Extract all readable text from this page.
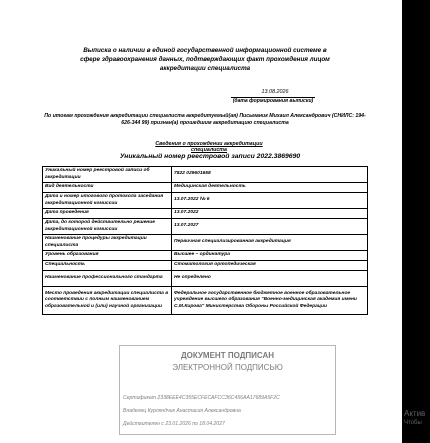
Выписка о наличии в единой государственной информационной системе в сфере здравоохранения данных, подтверждающих факт прохождения лицом аккредитации специалиста
13.08.2026
(дата формирования выписки)
По итогам прохождения аккредитации специалиста аккредитуемый(ая) Письманик Михаил Александрович (СНИЛС: 194-626-344 99) признан(а) прошедшим аккредитацию специалиста
Сведения о прохождении аккредитации специалиста
Уникальный номер реестровой записи 2022.3869690
Уникальный номер реестровой записи об аккредитации	7822 029601658
Вид деятельности	Медицинская деятельность
Дата и номер итогового протокола заседания аккредитационной комиссии	13.07.2022 № 6
Дата проведения	13.07.2022
Дата, до которой действительно решение аккредитационной комиссии	13.07.2027
Наименование процедуры аккредитации специалиста	Первичная специализированная аккредитация
Уровень образования	Высшее – ординатура
Специальность	Стоматология ортопедическая
Наименование профессионального стандарта	Не определено
Место проведения аккредитации специалиста в соответствии с полным наименованием образовательной и (или) научной организации	Федеральное государственное бюджетное военное образовательное учреждение высшего образования "Военно-медицинская академия имени С.М.Кирова" Министерства Обороны Российской Федерации
ДОКУМЕНТ ПОДПИСАН
ЭЛЕКТРОННОЙ ПОДПИСЬЮ
Сертификат 2338ЕЕЕ4С355ЕСFЕСАFССЗ6С456АА17689А5F2С
Владелец Курляндчик Анастасия Александровна
Действителен с 23.01.2026 по 18.04.2027
Актив
Чтобы
